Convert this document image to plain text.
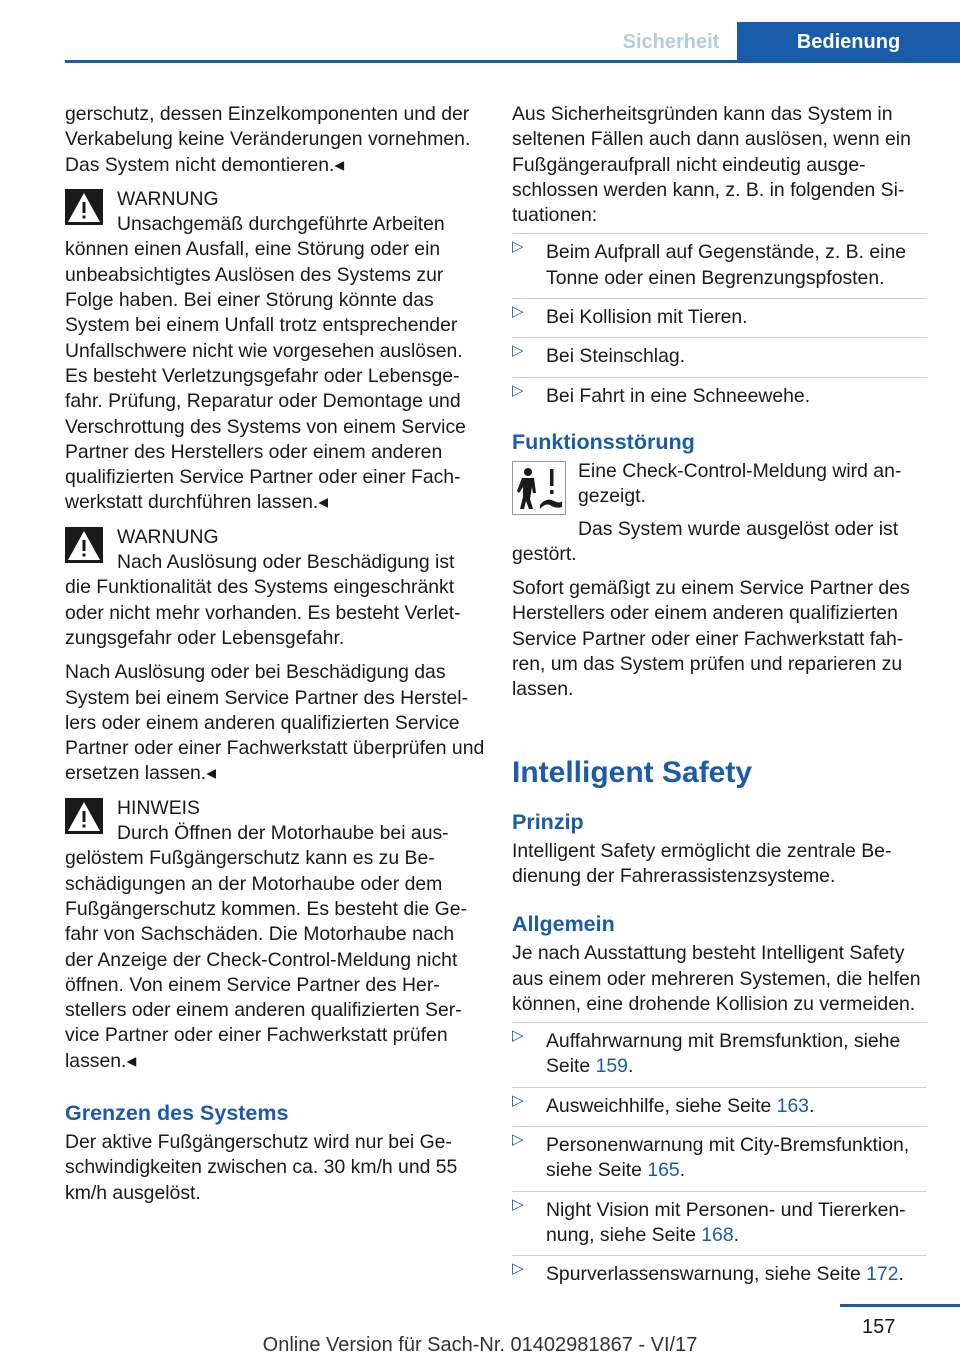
Sicherheit	Bedienung

gerschutz, dessen Einzelkomponenten und der Verkabelung keine Veränderungen vornehmen. Das System nicht demontieren.◂

WARNUNG
Unsachgemäß durchgeführte Arbeiten können einen Ausfall, eine Störung oder ein unbeabsichtigtes Auslösen des Systems zur Folge haben. Bei einer Störung könnte das System bei einem Unfall trotz entsprechender Unfallschwere nicht wie vorgesehen auslösen. Es besteht Verletzungsgefahr oder Lebensgefahr. Prüfung, Reparatur oder Demontage und Verschrottung des Systems von einem Service Partner des Herstellers oder einem anderen qualifizierten Service Partner oder einer Fachwerkstatt durchführen lassen.◂
WARNUNG
Nach Auslösung oder Beschädigung ist die Funktionalität des Systems eingeschränkt oder nicht mehr vorhanden. Es besteht Verletzungsgefahr oder Lebensgefahr.

Nach Auslösung oder bei Beschädigung das System bei einem Service Partner des Herstellers oder einem anderen qualifizierten Service Partner oder einer Fachwerkstatt überprüfen und ersetzen lassen.◂

HINWEIS
Durch Öffnen der Motorhaube bei ausgelöstem Fußgängerschutz kann es zu Beschädigungen an der Motorhaube oder dem Fußgängerschutz kommen. Es besteht die Gefahr von Sachschäden. Die Motorhaube nach der Anzeige der Check-Control-Meldung nicht öffnen. Von einem Service Partner des Herstellers oder einem anderen qualifizierten Service Partner oder einer Fachwerkstatt prüfen lassen.◂
Grenzen des Systems

Der aktive Fußgängerschutz wird nur bei Geschwindigkeiten zwischen ca. 30 km/h und 55 km/h ausgelöst.

Aus Sicherheitsgründen kann das System in seltenen Fällen auch dann auslösen, wenn ein Fußgängeraufprall nicht eindeutig ausgeschlossen werden kann, z. B. in folgenden Situationen:

▷ Beim Aufprall auf Gegenstände, z. B. eine Tonne oder einen Begrenzungspfosten.
▷ Bei Kollision mit Tieren.
▷ Bei Steinschlag.
▷ Bei Fahrt in eine Schneewehe.
Funktionsstörung

Eine Check-Control-Meldung wird angezeigt.

Das System wurde ausgelöst oder ist gestört.

Sofort gemäßigt zu einem Service Partner des Herstellers oder einem anderen qualifizierten Service Partner oder einer Fachwerkstatt fahren, um das System prüfen und reparieren zu lassen.

Intelligent Safety
Prinzip

Intelligent Safety ermöglicht die zentrale Bedienung der Fahrerassistenzsysteme.

Allgemein

Je nach Ausstattung besteht Intelligent Safety aus einem oder mehreren Systemen, die helfen können, eine drohende Kollision zu vermeiden.

▷ Auffahrwarnung mit Bremsfunktion, siehe Seite 159.
▷ Ausweichhilfe, siehe Seite 163.
▷ Personenwarnung mit City-Bremsfunktion, siehe Seite 165.
▷ Night Vision mit Personen- und Tiererkennung, siehe Seite 168.
▷ Spurverlassenswarnung, siehe Seite 172.
157
Online Version für Sach-Nr. 01402981867 - VI/17
